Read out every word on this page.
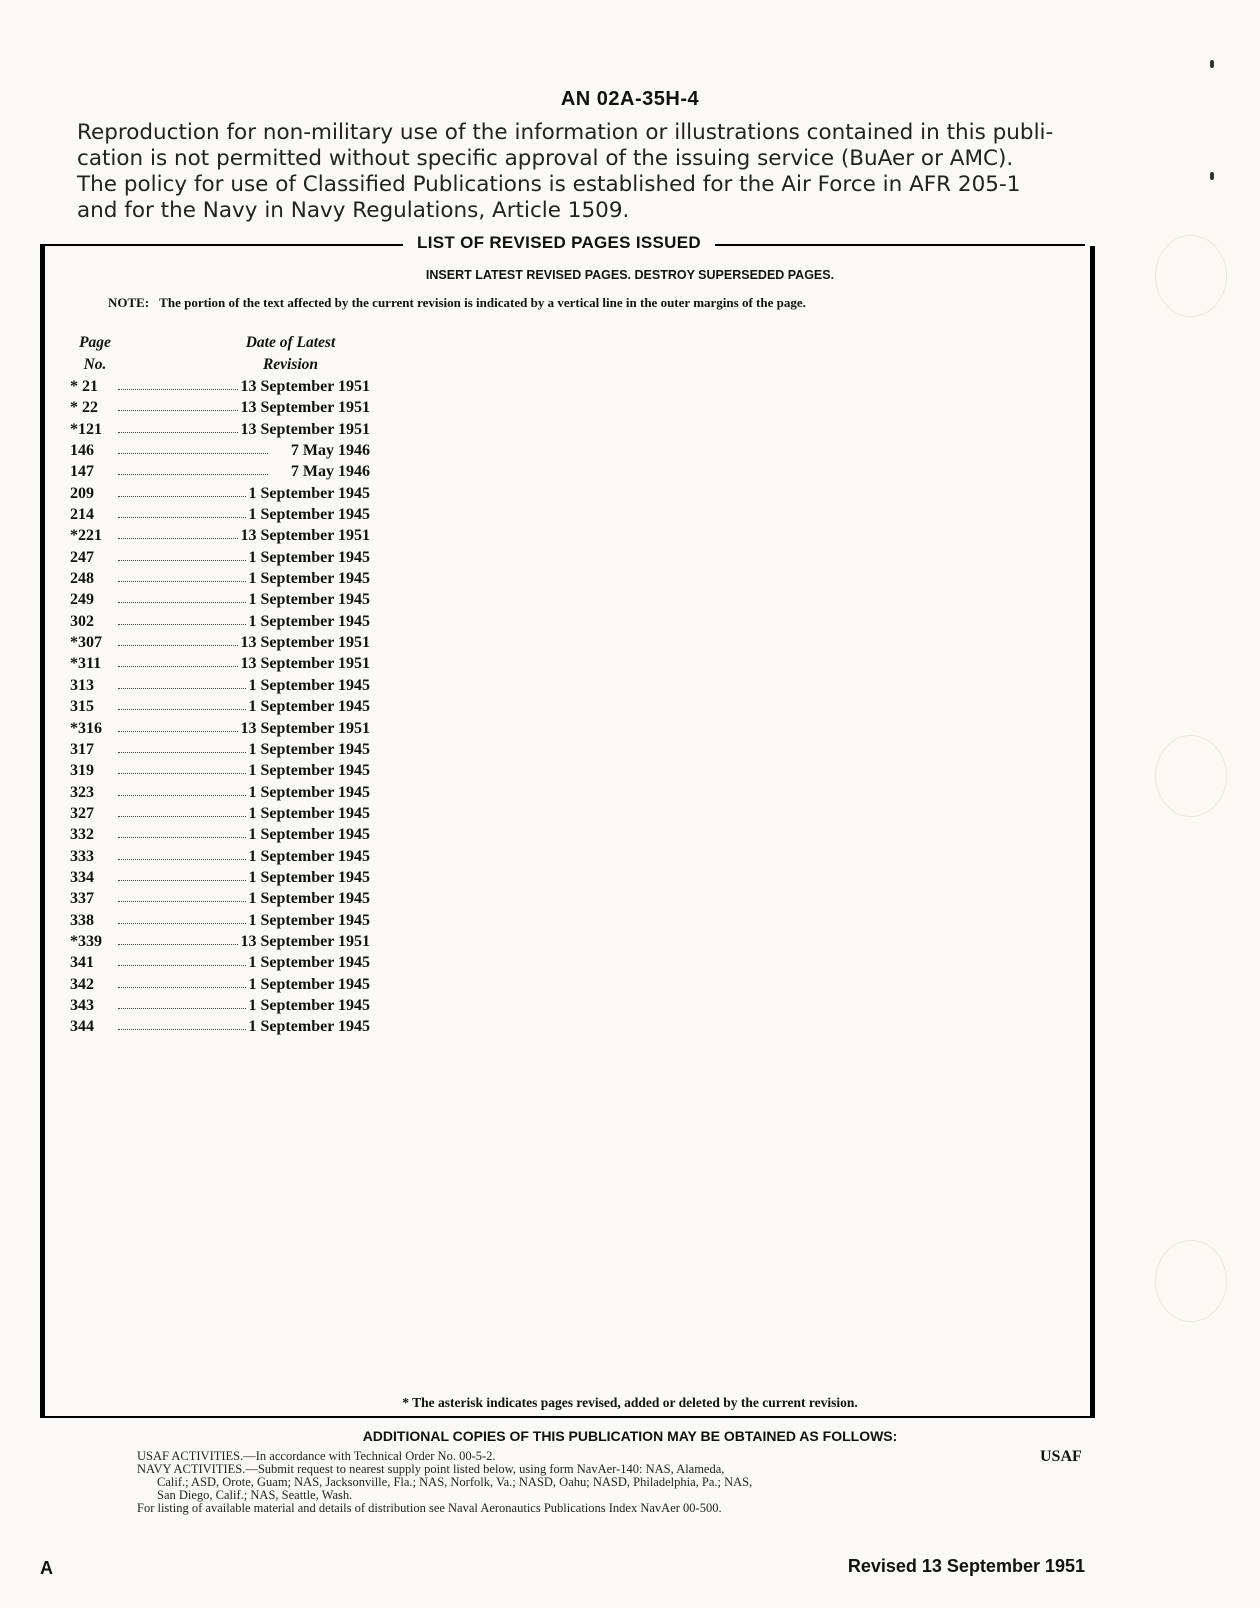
AN 02A-35H-4
Reproduction for non-military use of the information or illustrations contained in this publi-
cation is not permitted without specific approval of the issuing service (BuAer or AMC).
The policy for use of Classified Publications is established for the Air Force in AFR 205-1
and for the Navy in Navy Regulations, Article 1509.
LIST OF REVISED PAGES ISSUED
INSERT LATEST REVISED PAGES. DESTROY SUPERSEDED PAGES.
NOTE: The portion of the text affected by the current revision is indicated by a vertical line in the outer margins of the page.
Page
No.
Date of Latest
Revision
* 21	13 September 1951
* 22	13 September 1951
*121	13 September 1951
146	7 May 1946
147	7 May 1946
209	1 September 1945
214	1 September 1945
*221	13 September 1951
247	1 September 1945
248	1 September 1945
249	1 September 1945
302	1 September 1945
*307	13 September 1951
*311	13 September 1951
313	1 September 1945
315	1 September 1945
*316	13 September 1951
317	1 September 1945
319	1 September 1945
323	1 September 1945
327	1 September 1945
332	1 September 1945
333	1 September 1945
334	1 September 1945
337	1 September 1945
338	1 September 1945
*339	13 September 1951
341	1 September 1945
342	1 September 1945
343	1 September 1945
344	1 September 1945
* The asterisk indicates pages revised, added or deleted by the current revision.
ADDITIONAL COPIES OF THIS PUBLICATION MAY BE OBTAINED AS FOLLOWS:
USAF ACTIVITIES.—In accordance with Technical Order No. 00-5-2.
NAVY ACTIVITIES.—Submit request to nearest supply point listed below, using form NavAer-140: NAS, Alameda,
Calif.; ASD, Orote, Guam; NAS, Jacksonville, Fla.; NAS, Norfolk, Va.; NASD, Oahu; NASD, Philadelphia, Pa.; NAS,
San Diego, Calif.; NAS, Seattle, Wash.
For listing of available material and details of distribution see Naval Aeronautics Publications Index NavAer 00-500.
USAF
A	Revised 13 September 1951
